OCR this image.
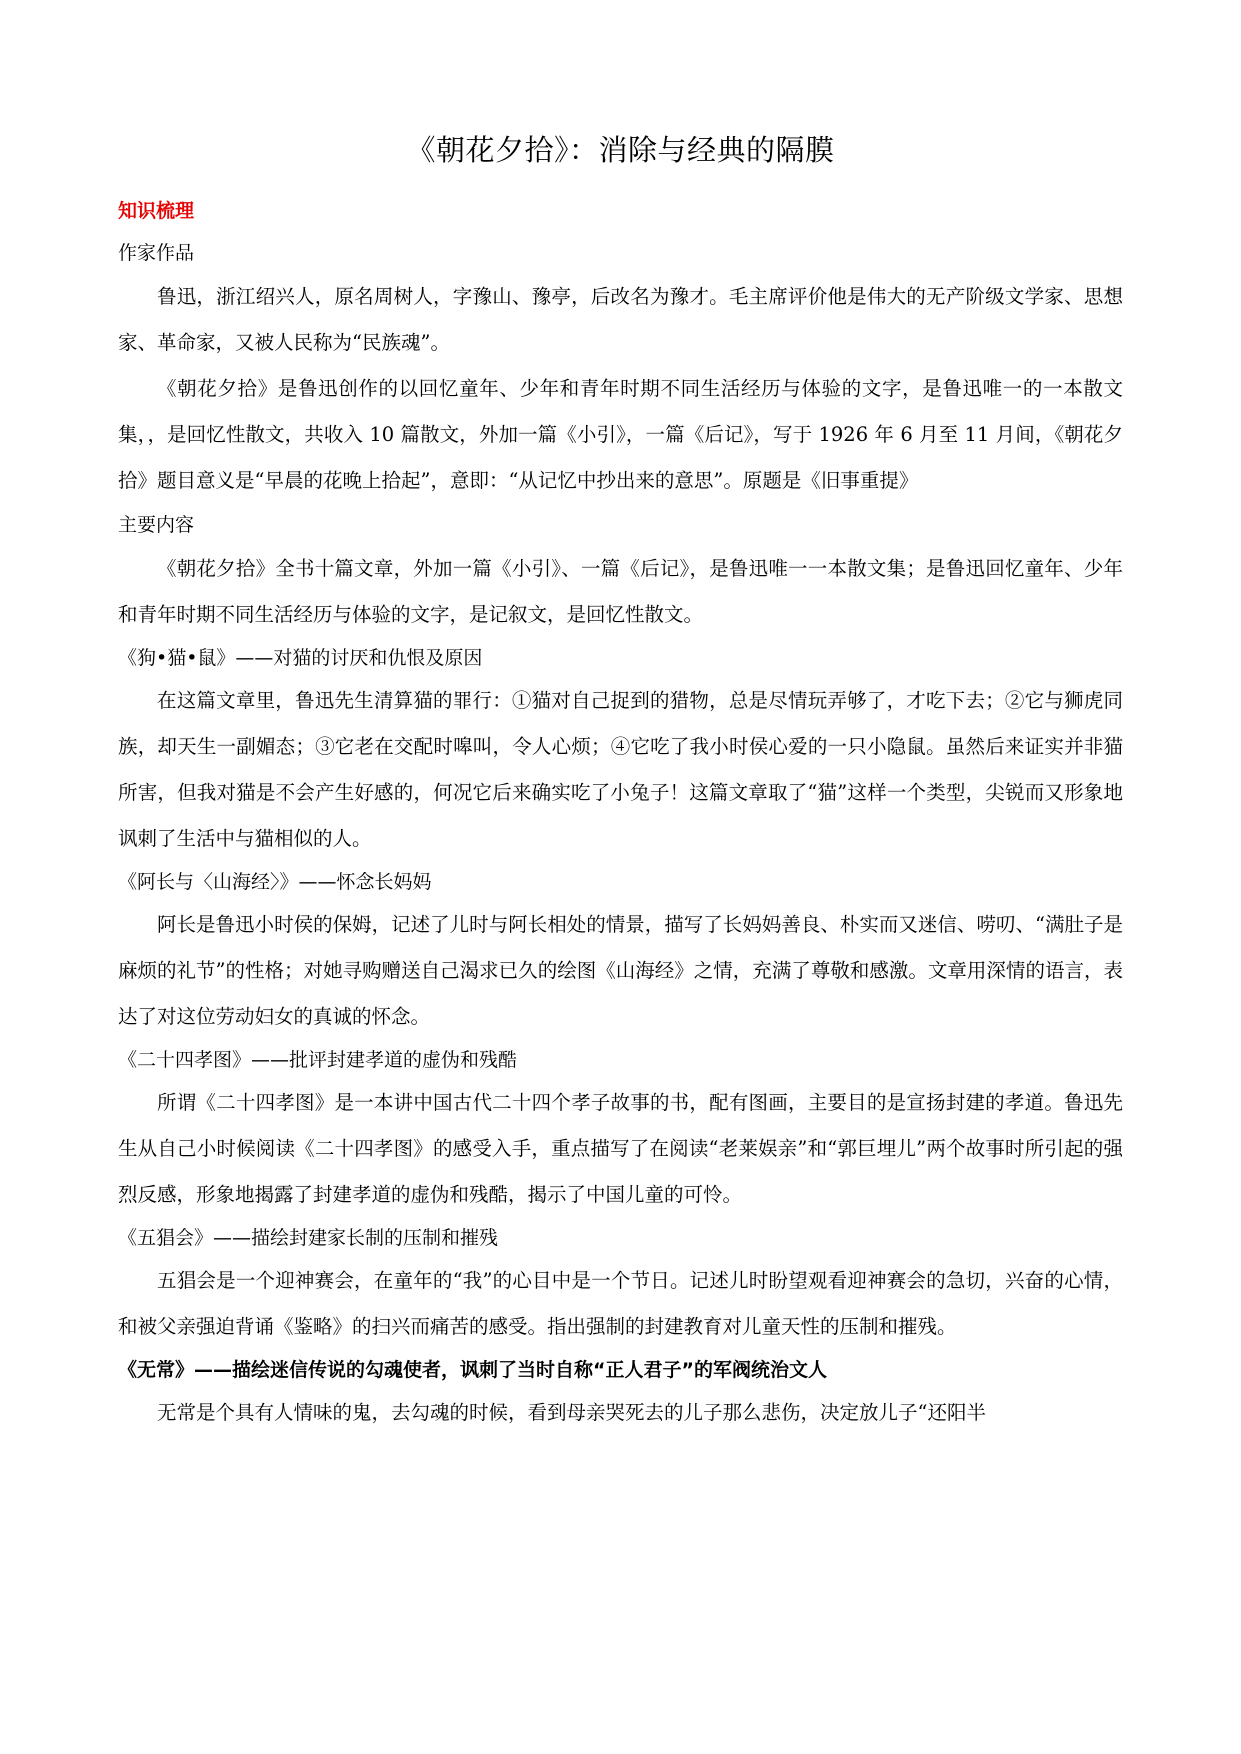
《朝花夕拾》：消除与经典的隔膜

知识梳理

作家作品

鲁迅，浙江绍兴人，原名周树人，字豫山、豫亭，后改名为豫才。毛主席评价他是伟大的无产阶级文学家、思想家、革命家，又被人民称为“民族魂”。

《朝花夕拾》是鲁迅创作的以回忆童年、少年和青年时期不同生活经历与体验的文字，是鲁迅唯一的一本散文集，，是回忆性散文，共收入 10 篇散文，外加一篇《小引》，一篇《后记》，写于 1926 年 6 月至 11 月间，《朝花夕拾》题目意义是“早晨的花晚上拾起”，意即：“从记忆中抄出来的意思”。原题是《旧事重提》

主要内容

《朝花夕拾》全书十篇文章，外加一篇《小引》、一篇《后记》，是鲁迅唯一一本散文集；是鲁迅回忆童年、少年和青年时期不同生活经历与体验的文字，是记叙文，是回忆性散文。

《狗•猫•鼠》——对猫的讨厌和仇恨及原因

在这篇文章里，鲁迅先生清算猫的罪行：①猫对自己捉到的猎物，总是尽情玩弄够了，才吃下去；②它与狮虎同族，却天生一副媚态；③它老在交配时嗥叫，令人心烦；④它吃了我小时侯心爱的一只小隐鼠。虽然后来证实并非猫所害，但我对猫是不会产生好感的，何况它后来确实吃了小兔子！这篇文章取了“猫”这样一个类型，尖锐而又形象地讽刺了生活中与猫相似的人。

《阿长与〈山海经〉》——怀念长妈妈

阿长是鲁迅小时侯的保姆，记述了儿时与阿长相处的情景，描写了长妈妈善良、朴实而又迷信、唠叨、“满肚子是麻烦的礼节”的性格；对她寻购赠送自己渴求已久的绘图《山海经》之情，充满了尊敬和感激。文章用深情的语言，表达了对这位劳动妇女的真诚的怀念。

《二十四孝图》——批评封建孝道的虚伪和残酷

所谓《二十四孝图》是一本讲中国古代二十四个孝子故事的书，配有图画，主要目的是宣扬封建的孝道。鲁迅先生从自己小时候阅读《二十四孝图》的感受入手，重点描写了在阅读“老莱娱亲”和“郭巨埋儿”两个故事时所引起的强烈反感，形象地揭露了封建孝道的虚伪和残酷，揭示了中国儿童的可怜。

《五猖会》——描绘封建家长制的压制和摧残

五猖会是一个迎神赛会，在童年的“我”的心目中是一个节日。记述儿时盼望观看迎神赛会的急切，兴奋的心情，和被父亲强迫背诵《鉴略》的扫兴而痛苦的感受。指出强制的封建教育对儿童天性的压制和摧残。

《无常》——描绘迷信传说的勾魂使者，讽刺了当时自称“正人君子”的军阀统治文人

无常是个具有人情味的鬼，去勾魂的时候，看到母亲哭死去的儿子那么悲伤，决定放儿子“还阳半
